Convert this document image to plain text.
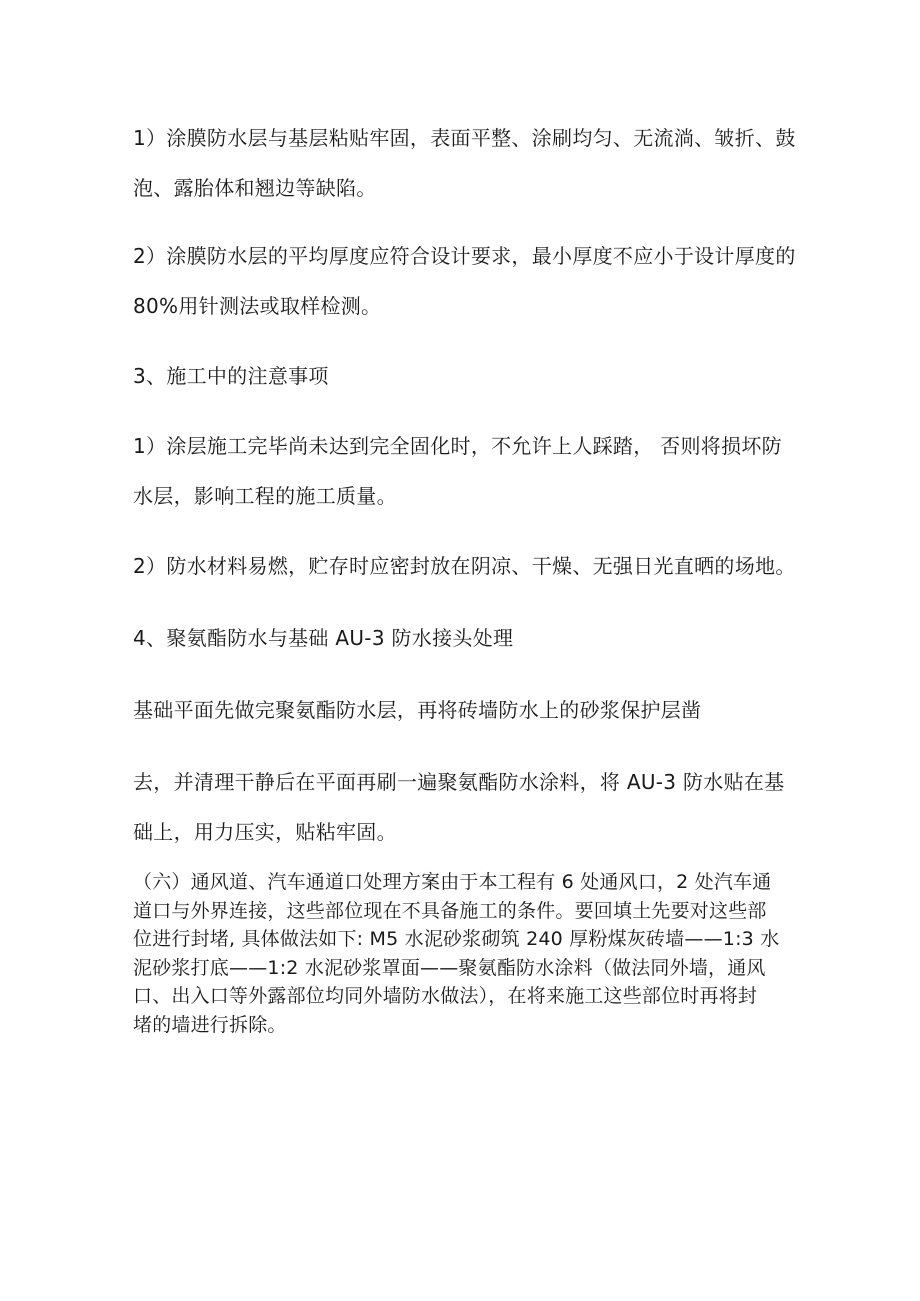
1）涂膜防水层与基层粘贴牢固，表面平整、涂刷均匀、无流淌、皱折、鼓
泡、露胎体和翘边等缺陷。
2）涂膜防水层的平均厚度应符合设计要求，最小厚度不应小于设计厚度的
80%用针测法或取样检测。
3、施工中的注意事项
1）涂层施工完毕尚未达到完全固化时，不允许上人踩踏， 否则将损坏防
水层，影响工程的施工质量。
2）防水材料易燃，贮存时应密封放在阴凉、干燥、无强日光直晒的场地。
4、聚氨酯防水与基础 AU-3 防水接头处理
基础平面先做完聚氨酯防水层，再将砖墙防水上的砂浆保护层凿
去，并清理干静后在平面再刷一遍聚氨酯防水涂料，将 AU-3 防水贴在基
础上，用力压实，贴粘牢固。
（六）通风道、汽车通道口处理方案由于本工程有 6 处通风口，2 处汽车通
道口与外界连接，这些部位现在不具备施工的条件。要回填土先要对这些部
位进行封堵, 具体做法如下: M5 水泥砂浆砌筑 240 厚粉煤灰砖墙——1:3 水
泥砂浆打底——1:2 水泥砂浆罩面——聚氨酯防水涂料（做法同外墙，通风
口、出入口等外露部位均同外墙防水做法），在将来施工这些部位时再将封
堵的墙进行拆除。
